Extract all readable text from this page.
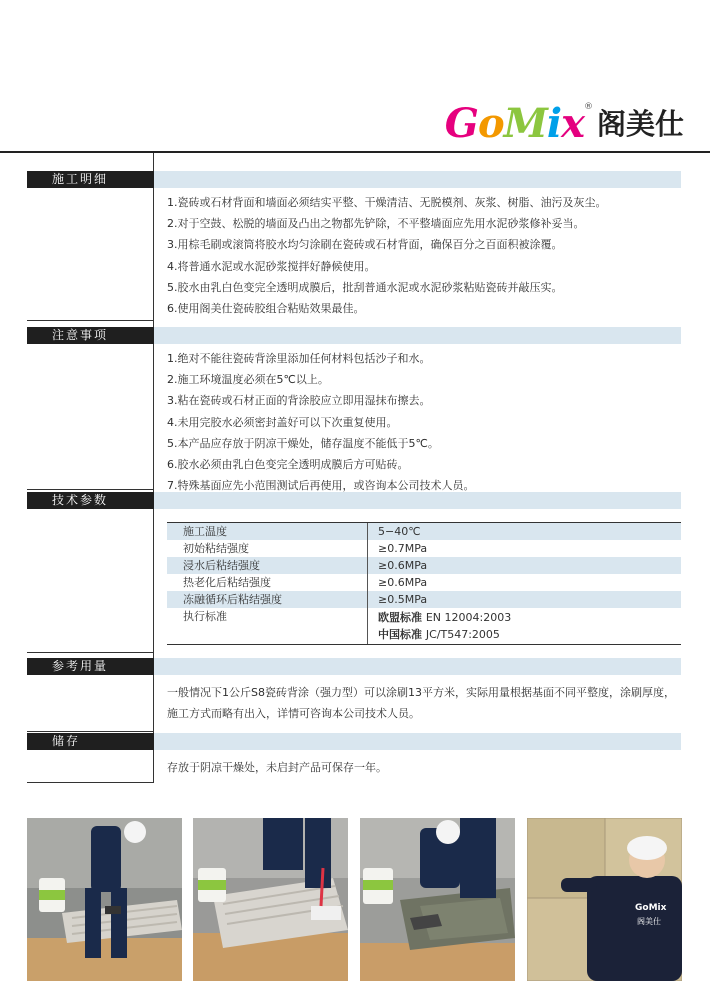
GoMix ® 阁美仕
施工明细
1.瓷砖或石材背面和墙面必须结实平整、干燥清洁、无脱模剂、灰浆、树脂、油污及灰尘。
2.对于空鼓、松脱的墙面及凸出之物都先铲除，不平整墙面应先用水泥砂浆修补妥当。
3.用棕毛刷或滚筒将胶水均匀涂刷在瓷砖或石材背面，确保百分之百面积被涂覆。
4.将普通水泥或水泥砂浆搅拌好静候使用。
5.胶水由乳白色变完全透明成膜后，批刮普通水泥或水泥砂浆粘贴瓷砖并敲压实。
6.使用阁美仕瓷砖胶组合粘贴效果最佳。
注意事项
1.绝对不能往瓷砖背涂里添加任何材料包括沙子和水。
2.施工环境温度必须在5℃以上。
3.粘在瓷砖或石材正面的背涂胶应立即用湿抹布擦去。
4.未用完胶水必须密封盖好可以下次重复使用。
5.本产品应存放于阴凉干燥处，储存温度不能低于5℃。
6.胶水必须由乳白色变完全透明成膜后方可贴砖。
7.特殊基面应先小范围测试后再使用，或咨询本公司技术人员。
技术参数
施工温度	5−40℃
初始粘结强度	≥0.7MPa
浸水后粘结强度	≥0.6MPa
热老化后粘结强度	≥0.6MPa
冻融循环后粘结强度	≥0.5MPa
执行标准	欧盟标准 EN 12004:2003
中国标准 JC/T547:2005
参考用量
一般情况下1公斤S8瓷砖背涂（强力型）可以涂刷13平方米，实际用量根据基面不同平整度，涂刷厚度，施工方式而略有出入，详情可咨询本公司技术人员。
储存
存放于阴凉干燥处，未启封产品可保存一年。
GoMix
阁美仕
